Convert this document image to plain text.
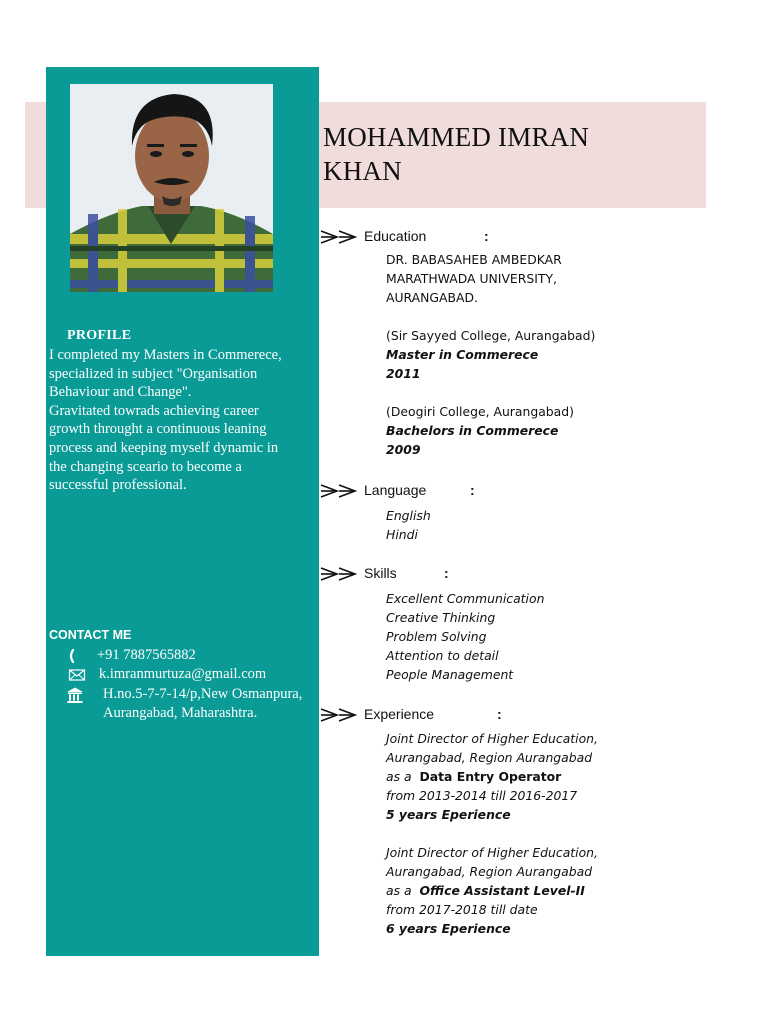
MOHAMMED IMRAN
KHAN
PROFILE
I completed my Masters in Commerece,
specialized in subject "Organisation
Behaviour and Change".
Gravitated towrads achieving career
growth throught a continuous leaning
process and keeping myself dynamic in
the changing sceario to become a
successful professional.
CONTACT ME
+91 7887565882
k.imranmurtuza@gmail.com
H.no.5-7-7-14/p,New Osmanpura,
Aurangabad, Maharashtra.
Education	:
DR. BABASAHEB AMBEDKAR
MARATHWADA UNIVERSITY,
AURANGABAD.
(Sir Sayyed College, Aurangabad)
Master in Commerece
2011
(Deogiri College, Aurangabad)
Bachelors in Commerece
2009
Language	:
English
Hindi
Skills	:
Excellent Communication
Creative Thinking
Problem Solving
Attention to detail
People Management
Experience	:
Joint Director of Higher Education,
Aurangabad, Region Aurangabad
as a Data Entry Operator
from 2013-2014 till 2016-2017
5 years Eperience
Joint Director of Higher Education,
Aurangabad, Region Aurangabad
as a Office Assistant Level-II
from 2017-2018 till date
6 years Eperience
